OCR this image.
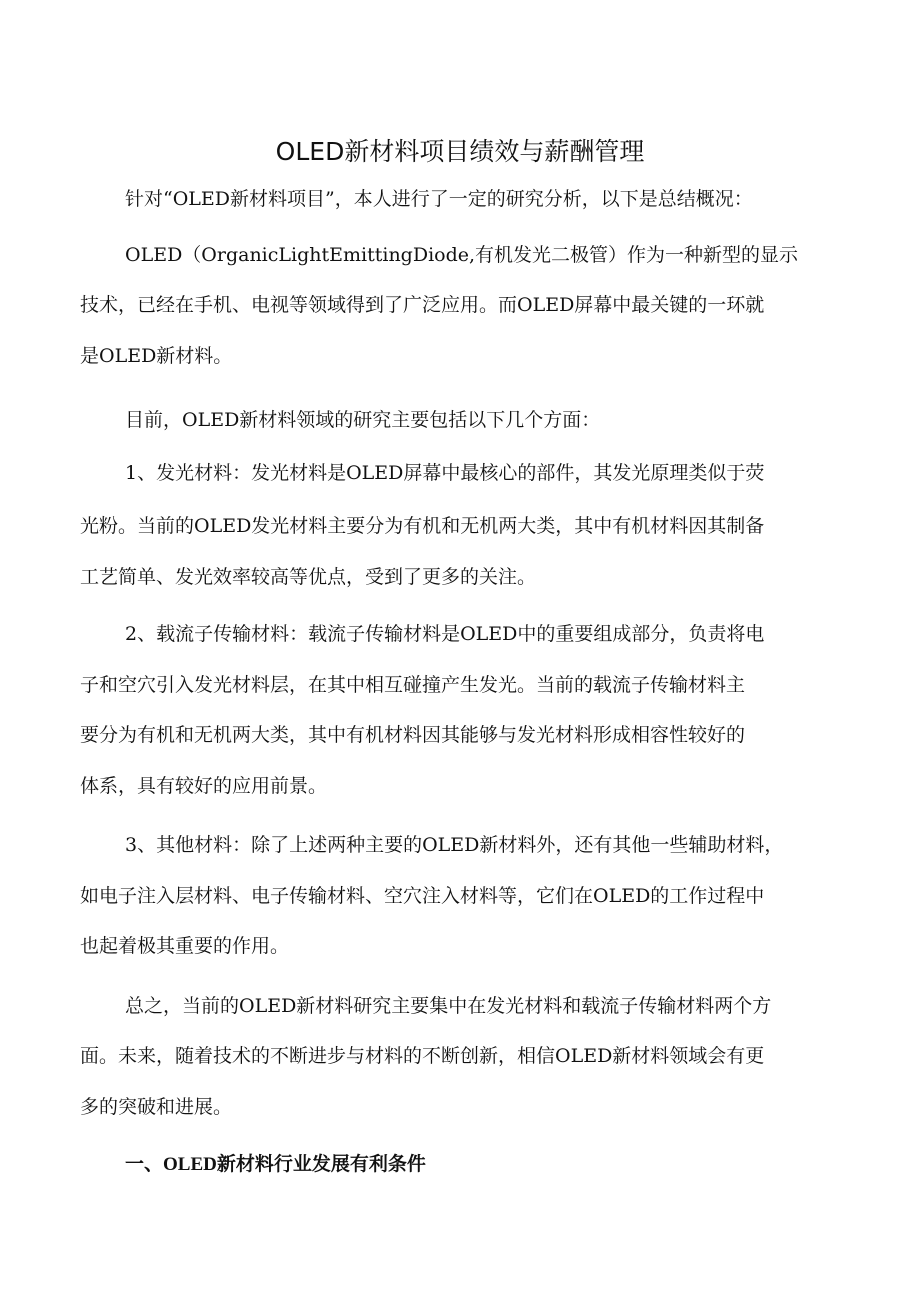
OLED新材料项目绩效与薪酬管理
针对“OLED新材料项目”，本人进行了一定的研究分析，以下是总结概况：
OLED（OrganicLightEmittingDiode,有机发光二极管）作为一种新型的显示
技术，已经在手机、电视等领域得到了广泛应用。而OLED屏幕中最关键的一环就
是OLED新材料。
目前，OLED新材料领域的研究主要包括以下几个方面：
1、发光材料：发光材料是OLED屏幕中最核心的部件，其发光原理类似于荧
光粉。当前的OLED发光材料主要分为有机和无机两大类，其中有机材料因其制备
工艺简单、发光效率较高等优点，受到了更多的关注。
2、载流子传输材料：载流子传输材料是OLED中的重要组成部分，负责将电
子和空穴引入发光材料层，在其中相互碰撞产生发光。当前的载流子传输材料主
要分为有机和无机两大类，其中有机材料因其能够与发光材料形成相容性较好的
体系，具有较好的应用前景。
3、其他材料：除了上述两种主要的OLED新材料外，还有其他一些辅助材料，
如电子注入层材料、电子传输材料、空穴注入材料等，它们在OLED的工作过程中
也起着极其重要的作用。
总之，当前的OLED新材料研究主要集中在发光材料和载流子传输材料两个方
面。未来，随着技术的不断进步与材料的不断创新，相信OLED新材料领域会有更
多的突破和进展。
一、OLED新材料行业发展有利条件
